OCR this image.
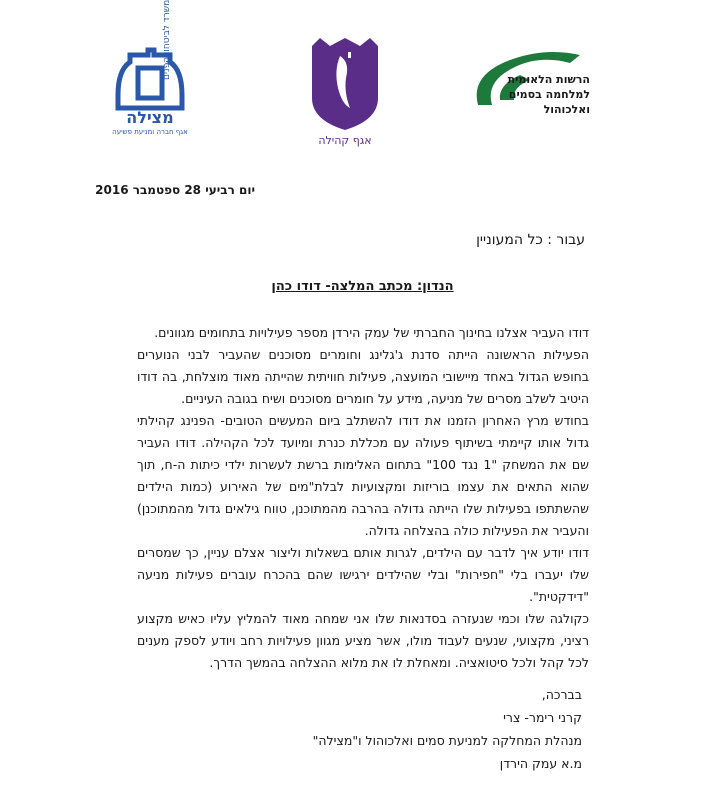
מצילה
אגף חברה ומניעת פשיעה
משרד לביטחון הפנים
אגף קהילה
הרשות הלאומית
למלחמה בסמים
ואלכוהול
יום רביעי 28 ספטמבר 2016
עבור : כל המעוניין
הנדון: מכתב המלצה- דודו כהן

דודו העביר אצלנו בחינוך החברתי של עמק הירדן מספר פעילויות בתחומים מגוונים.

הפעילות הראשונה הייתה סדנת ג'גלינג וחומרים מסוכנים שהעביר לבני הנוערים בחופש הגדול באחד מיישובי המועצה, פעילות חוויתית שהייתה מאוד מוצלחת, בה דודו היטיב לשלב מסרים של מניעה, מידע על חומרים מסוכנים ושיח בגובה העיניים.

בחודש מרץ האחרון הזמנו את דודו להשתלב ביום המעשים הטובים- הפנינג קהילתי גדול אותו קיימתי בשיתוף פעולה עם מכללת כנרת ומיועד לכל הקהילה. דודו העביר שם את המשחק "1 נגד 100" בתחום האלימות ברשת לעשרות ילדי כיתות ה-ח, תוך שהוא התאים את עצמו בוריזות ומקצועיות לבלת"מים של האירוע (כמות הילדים שהשתתפו בפעילות שלו הייתה גדולה בהרבה מהמתוכנן, טווח גילאים גדול מהמתוכנן) והעביר את הפעילות כולה בהצלחה גדולה.

דודו יודע איך לדבר עם הילדים, לגרות אותם בשאלות וליצור אצלם עניין, כך שמסרים שלו יעברו בלי "חפירות" ובלי שהילדים ירגישו שהם בהכרח עוברים פעילות מניעה "דידקטית".

כקולגה שלו וכמי שנעזרה בסדנאות שלו אני שמחה מאוד להמליץ עליו כאיש מקצוע רציני, מקצועי, שנעים לעבוד מולו, אשר מציע מגוון פעילויות רחב ויודע לספק מענים לכל קהל ולכל סיטואציה. ומאחלת לו את מלוא ההצלחה בהמשך הדרך.

בברכה,
קרני רימר- צרי
מנהלת המחלקה למניעת סמים ואלכוהול ו"מצילה"
מ.א עמק הירדן
